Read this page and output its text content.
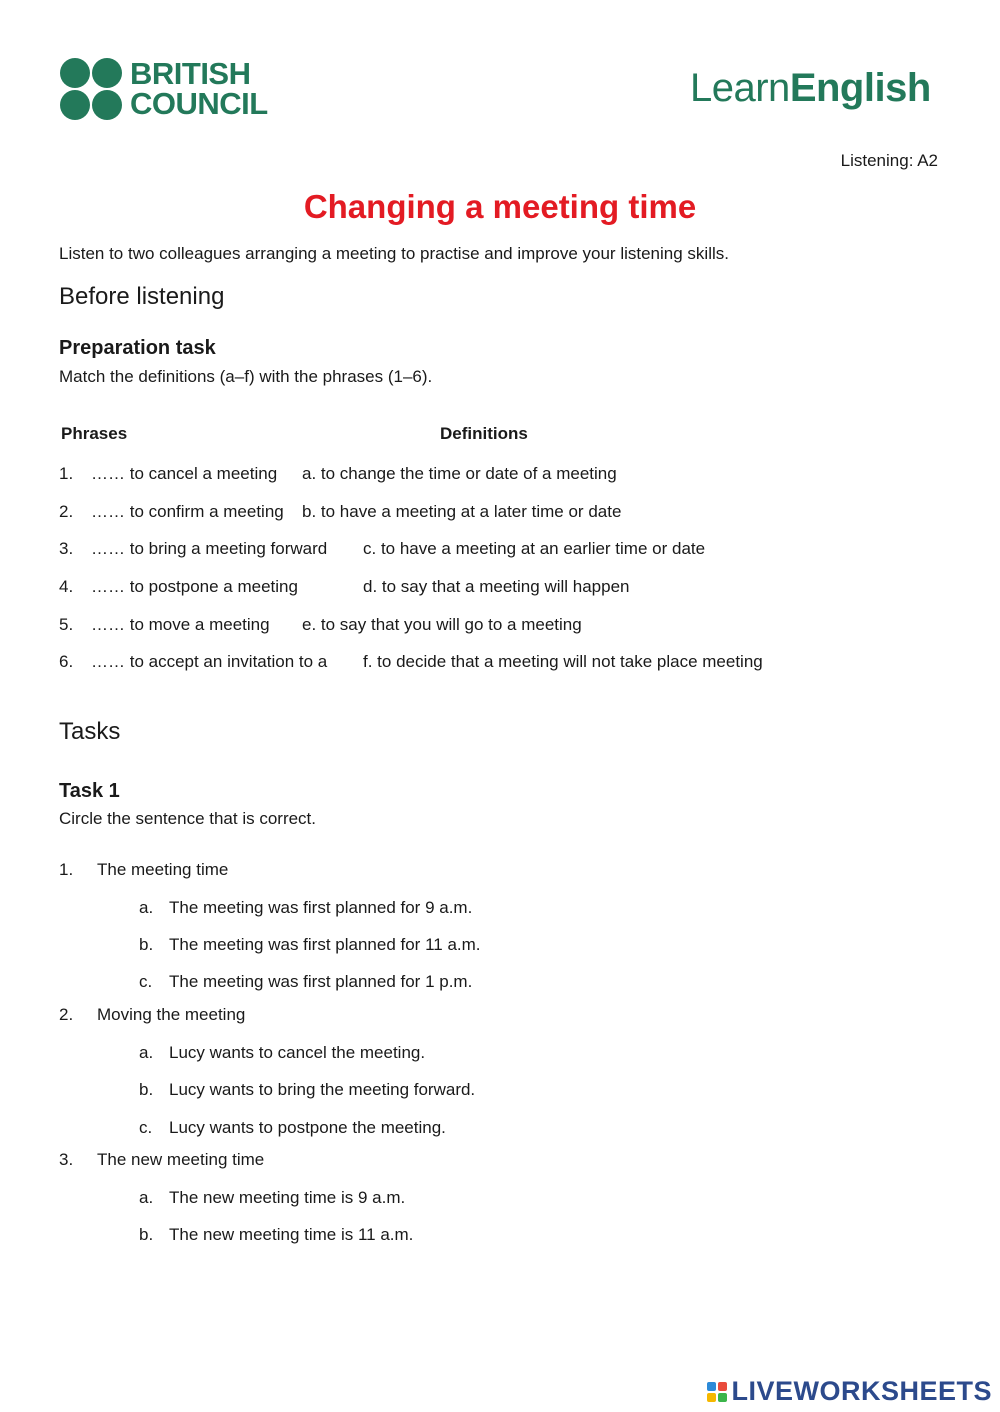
BRITISH
COUNCIL	LearnEnglish
Listening: A2
Changing a meeting time
Listen to two colleagues arranging a meeting to practise and improve your listening skills.
Before listening
Preparation task
Match the definitions (a–f) with the phrases (1–6).
Phrases	Definitions
1. …… to cancel a meeting
2. …… to confirm a meeting
3. …… to bring a meeting forward
4. …… to postpone a meeting
5. …… to move a meeting
6. …… to accept an invitation to a
a. to change the time or date of a meeting
b. to have a meeting at a later time or date
c. to have a meeting at an earlier time or date
d. to say that a meeting will happen
e. to say that you will go to a meeting
f. to decide that a meeting will not take place meeting
Tasks
Task 1
Circle the sentence that is correct.
1. The meeting time
a. The meeting was first planned for 9 a.m.
b. The meeting was first planned for 11 a.m.
c. The meeting was first planned for 1 p.m.
2. Moving the meeting
a. Lucy wants to cancel the meeting.
b. Lucy wants to bring the meeting forward.
c. Lucy wants to postpone the meeting.
3. The new meeting time
a. The new meeting time is 9 a.m.
b. The new meeting time is 11 a.m.
LIVEWORKSHEETS
